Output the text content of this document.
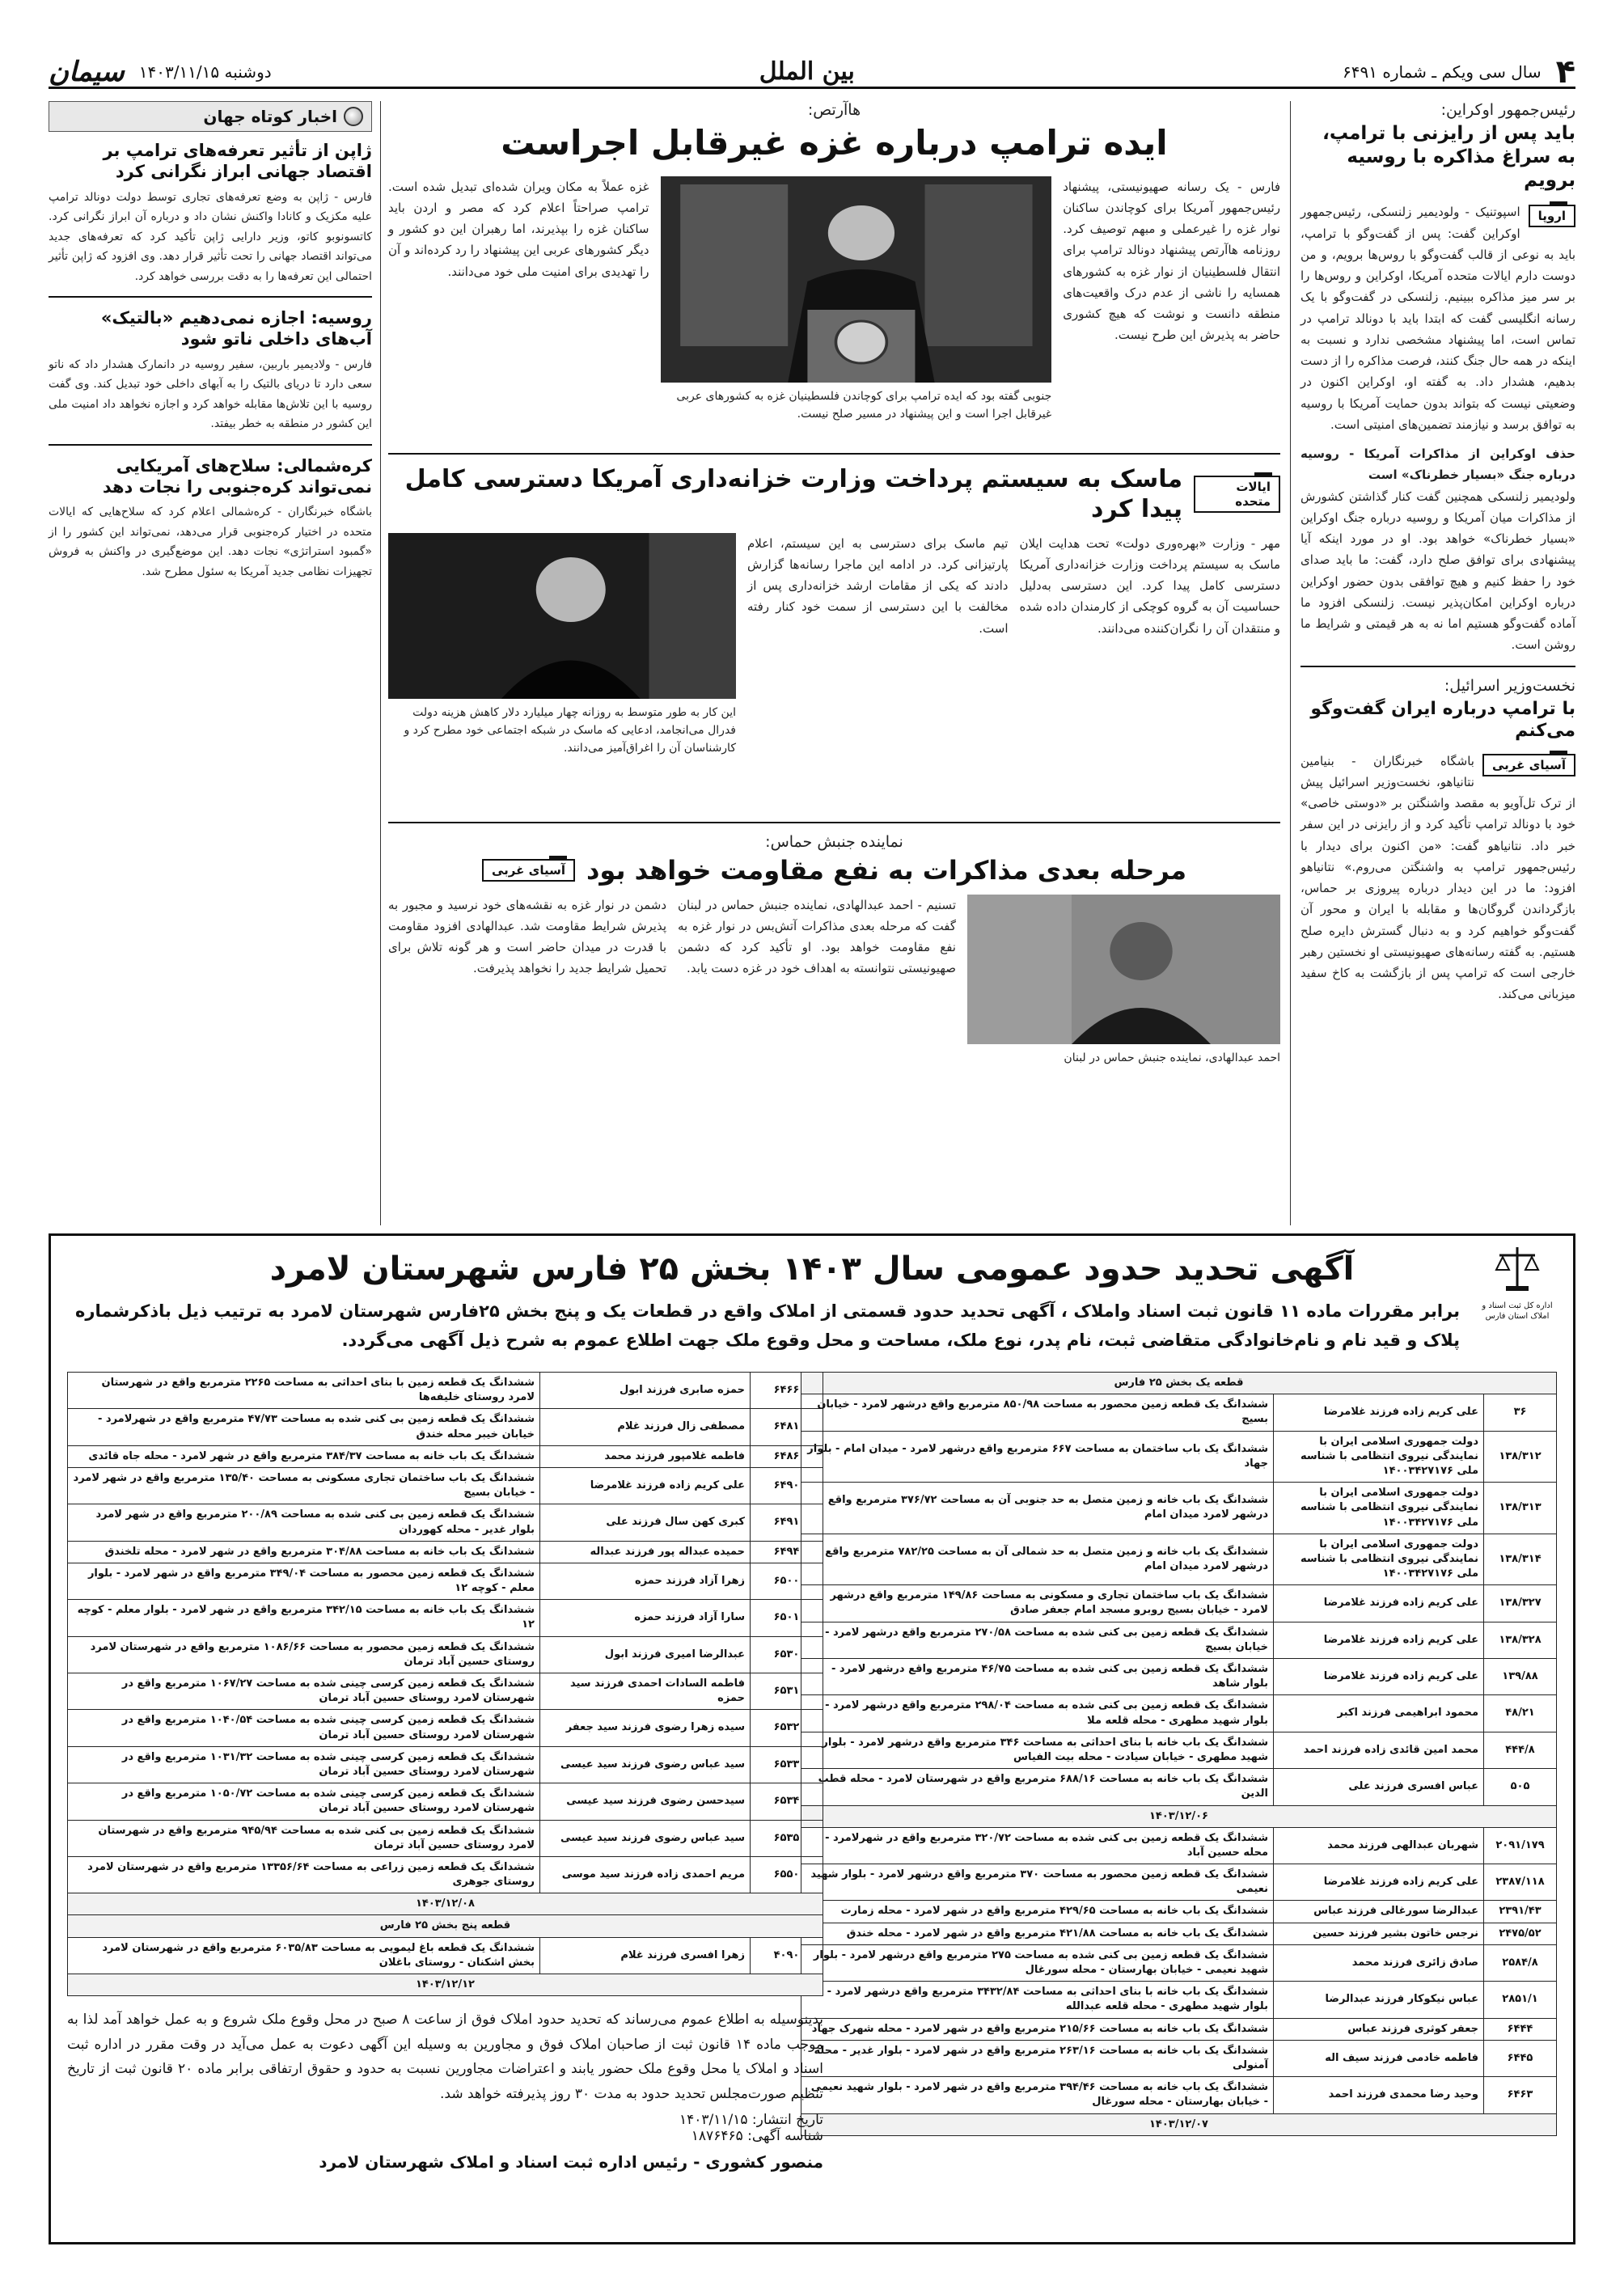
۴
سال سی ویکم ـ شماره ۶۴۹۱
بین الملل
دوشنبه ۱۴۰۳/۱۱/۱۵
سیمان
رئیس‌جمهور اوکراین:
باید پس از رایزنی با ترامپ، به سراغ مذاکره با روسیه برویم
اروپا

اسپوتنیک - ولودیمیر زلنسکی، رئیس‌جمهور اوکراین گفت: پس از گفت‌وگو با ترامپ، باید به نوعی از قالب گفت‌وگو با روس‌ها برویم، و من دوست دارم ایالات متحده آمریکا، اوکراین و روس‌ها را بر سر میز مذاکره ببینیم. زلنسکی در گفت‌وگو با یک رسانه انگلیسی گفت که ابتدا باید با دونالد ترامپ در تماس است، اما پیشنهاد مشخصی ندارد و نسبت به اینکه در همه حال جنگ کنند، فرصت مذاکره را از دست بدهیم، هشدار داد. به گفته او، اوکراین اکنون در وضعیتی نیست که بتواند بدون حمایت آمریکا با روسیه به توافق برسد و نیازمند تضمین‌های امنیتی است.

حذف اوکراین از مذاکرات آمریکا - روسیه درباره جنگ «بسیار خطرناک» است

ولودیمیر زلنسکی همچنین گفت کنار گذاشتن کشورش از مذاکرات میان آمریکا و روسیه درباره جنگ اوکراین «بسیار خطرناک» خواهد بود. او در مورد اینکه آیا پیشنهادی برای توافق صلح دارد، گفت: ما باید صدای خود را حفظ کنیم و هیچ توافقی بدون حضور اوکراین درباره اوکراین امکان‌پذیر نیست. زلنسکی افزود ما آماده گفت‌وگو هستیم اما نه به هر قیمتی و شرایط ما روشن است.

نخست‌وزیر اسرائیل:
با ترامپ درباره ایران گفت‌وگو می‌کنم
آسیای غربی

باشگاه خبرنگاران - بنیامین نتانیاهو، نخست‌وزیر اسرائیل پیش از ترک تل‌آویو به مقصد واشنگتن بر «دوستی خاصی» خود با دونالد ترامپ تأکید کرد و از رایزنی در این سفر خبر داد. نتانیاهو گفت: «من اکنون برای دیدار با رئیس‌جمهور ترامپ به واشنگتن می‌روم.» نتانیاهو افزود: ما در این دیدار درباره پیروزی بر حماس، بازگرداندن گروگان‌ها و مقابله با ایران و محور آن گفت‌وگو خواهیم کرد و به دنبال گسترش دایره صلح هستیم. به گفته رسانه‌های صهیونیستی او نخستین رهبر خارجی است که ترامپ پس از بازگشت به کاخ سفید میزبانی می‌کند.

هاآرتص:
ایده ترامپ درباره غزه غیرقابل اجراست

فارس - یک رسانه صهیونیستی، پیشنهاد رئیس‌جمهور آمریکا برای کوچاندن ساکنان نوار غزه را غیرعملی و مبهم توصیف کرد. روزنامه هاآرتص پیشنهاد دونالد ترامپ برای انتقال فلسطینیان از نوار غزه به کشورهای همسایه را ناشی از عدم درک واقعیت‌های منطقه دانست و نوشت که هیچ کشوری حاضر به پذیرش این طرح نیست.

جنوبی گفته بود که ایده ترامپ برای کوچاندن فلسطینیان غزه به کشورهای عربی غیرقابل اجرا است و این پیشنهاد در مسیر صلح نیست.

غزه عملاً به مکان ویران شده‌ای تبدیل شده است. ترامپ صراحتاً اعلام کرد که مصر و اردن باید ساکنان غزه را بپذیرند، اما رهبران این دو کشور و دیگر کشورهای عربی این پیشنهاد را رد کرده‌اند و آن را تهدیدی برای امنیت ملی خود می‌دانند.

ایالات متحده
ماسک به سیستم پرداخت وزارت خزانه‌داری آمریکا دسترسی کامل پیدا کرد

مهر - وزارت «بهره‌وری دولت» تحت هدایت ایلان ماسک به سیستم پرداخت وزارت خزانه‌داری آمریکا دسترسی کامل پیدا کرد. این دسترسی به‌دلیل حساسیت آن به گروه کوچکی از کارمندان داده شده و منتقدان آن را نگران‌کننده می‌دانند.

تیم ماسک برای دسترسی به این سیستم، اعلام پارتیزانی کرد. در ادامه این ماجرا رسانه‌ها گزارش دادند که یکی از مقامات ارشد خزانه‌داری پس از مخالفت با این دسترسی از سمت خود کنار رفته است.

این کار به طور متوسط به روزانه چهار میلیارد دلار کاهش هزینه دولت فدرال می‌انجامد، ادعایی که ماسک در شبکه اجتماعی خود مطرح کرد و کارشناسان آن را اغراق‌آمیز می‌دانند.

نماینده جنبش حماس:
مرحله بعدی مذاکرات به نفع مقاومت خواهد بود
آسیای غربی

احمد عبدالهادی، نماینده جنبش حماس در لبنان

تسنیم - احمد عبدالهادی، نماینده جنبش حماس در لبنان گفت که مرحله بعدی مذاکرات آتش‌بس در نوار غزه به نفع مقاومت خواهد بود. او تأکید کرد که دشمن صهیونیستی نتوانسته به اهداف خود در غزه دست یابد.

دشمن در نوار غزه به نقشه‌های خود نرسید و مجبور به پذیرش شرایط مقاومت شد. عبدالهادی افزود مقاومت با قدرت در میدان حاضر است و هر گونه تلاش برای تحمیل شرایط جدید را نخواهد پذیرفت.

اخبار کوتاه جهان
ژاپن از تأثیر تعرفه‌های ترامپ بر اقتصاد جهانی ابراز نگرانی کرد

فارس - ژاپن به وضع تعرفه‌های تجاری توسط دولت دونالد ترامپ علیه مکزیک و کانادا واکنش نشان داد و درباره آن ابراز نگرانی کرد. کاتسونوبو کاتو، وزیر دارایی ژاپن تأکید کرد که تعرفه‌های جدید می‌تواند اقتصاد جهانی را تحت تأثیر قرار دهد. وی افزود که ژاپن تأثیر احتمالی این تعرفه‌ها را به دقت بررسی خواهد کرد.

روسیه: اجازه نمی‌دهیم «بالتیک» آب‌های داخلی ناتو شود

فارس - ولادیمیر باربین، سفیر روسیه در دانمارک هشدار داد که ناتو سعی دارد تا دریای بالتیک را به آبهای داخلی خود تبدیل کند. وی گفت روسیه با این تلاش‌ها مقابله خواهد کرد و اجازه نخواهد داد امنیت ملی این کشور در منطقه به خطر بیفتد.

کره‌شمالی: سلاح‌های آمریکایی نمی‌تواند کره‌جنوبی را نجات دهد

باشگاه خبرنگاران - کره‌شمالی اعلام کرد که سلاح‌هایی که ایالات متحده در اختیار کره‌جنوبی قرار می‌دهد، نمی‌تواند این کشور را از «گمبود استراتژی» نجات دهد. این موضع‌گیری در واکنش به فروش تجهیزات نظامی جدید آمریکا به سئول مطرح شد.

اداره کل ثبت اسناد و املاک استان فارس
آگهی تحدید حدود عمومی سال ۱۴۰۳ بخش ۲۵ فارس شهرستان لامرد
برابر مقررات ماده ۱۱ قانون ثبت اسناد واملاک ، آگهی تحدید حدود قسمتی از املاک واقع در قطعات یک و پنج بخش ۲۵فارس شهرستان لامرد به ترتیب ذیل باذکرشماره پلاک و قید نام و نام‌خانوادگی متقاضی ثبت، نام پدر، نوع ملک، مساحت و محل وقوع ملک جهت اطلاع عموم به شرح ذیل آگهی می‌گردد.
قطعه یک بخش ۲۵ فارس		
۳۶	علی کریم زاده فرزند غلامرضا	ششدانگ یک قطعه زمین محصور به مساحت ۸۵۰/۹۸ مترمربع واقع درشهر لامرد - خیابان بسیج
۱۳۸/۳۱۲	دولت جمهوری اسلامی ایران با نمایندگی نیروی انتظامی با شناسه ملی ۱۴۰۰۳۴۲۷۱۷۶	ششدانگ یک باب ساختمان به مساحت ۶۶۷ مترمربع واقع درشهر لامرد - میدان امام - بلوار جهاد
۱۳۸/۳۱۳	دولت جمهوری اسلامی ایران با نمایندگی نیروی انتظامی با شناسه ملی ۱۴۰۰۳۴۲۷۱۷۶	ششدانگ یک باب خانه و زمین متصل به حد جنوبی آن به مساحت ۳۷۶/۷۲ مترمربع واقع درشهر لامرد میدان امام
۱۳۸/۳۱۴	دولت جمهوری اسلامی ایران با نمایندگی نیروی انتظامی با شناسه ملی ۱۴۰۰۳۴۲۷۱۷۶	ششدانگ یک باب خانه و زمین متصل به حد شمالی آن به مساحت ۷۸۲/۲۵ مترمربع واقع درشهر لامرد میدان امام
۱۳۸/۳۲۷	علی کریم زاده فرزند غلامرضا	ششدانگ یک باب ساختمان تجاری و مسکونی به مساحت ۱۴۹/۸۶ مترمربع واقع درشهر لامرد - خیابان بسیج روبرو مسجد امام جعفر صادق
۱۳۸/۳۲۸	علی کریم زاده فرزند غلامرضا	ششدانگ یک قطعه زمین بی کنی شده به مساحت ۲۷۰/۵۸ مترمربع واقع درشهر لامرد - خیابان بسیج
۱۳۹/۸۸	علی کریم زاده فرزند غلامرضا	ششدانگ یک قطعه زمین بی کنی شده به مساحت ۴۶/۷۵ مترمربع واقع درشهر لامرد - بلوار شاهد
۴۸/۲۱	محمود ابراهیمی فرزند اکبر	ششدانگ یک قطعه زمین بی کنی شده به مساحت ۲۹۸/۰۴ مترمربع واقع درشهر لامرد - بلوار شهید مطهری - محله قلعه ملا
۴۴۴/۸	محمد امین قائدی زاده فرزند احمد	ششدانگ یک باب خانه با بنای احداثی به مساحت ۳۴۶ مترمربع واقع درشهر لامرد - بلوار شهید مطهری - خیابان سیادت - محله بیت الفیاس
۵۰۵	عباس افسری فرزند علی	ششدانگ یک باب خانه به مساحت ۶۸۸/۱۶ مترمربع واقع در شهرستان لامرد - محله قطب الدین
۱۴۰۳/۱۲/۰۶		
۲۰۹۱/۱۷۹	شهربان عبدالهی فرزند محمد	ششدانگ یک قطعه زمین بی کنی شده به مساحت ۳۲۰/۷۲ مترمربع واقع در شهرلامرد - محله حسین آباد
۲۳۸۷/۱۱۸	علی کریم زاده فرزند غلامرضا	ششدانگ یک قطعه زمین محصور به مساحت ۳۷۰ مترمربع واقع درشهر لامرد - بلوار شهید نعیمی
۲۳۹۱/۴۳	عبدالرضا سورغالی فرزند عباس	ششدانگ یک باب خانه به مساحت ۴۲۹/۶۵ مترمربع واقع در شهر لامرد - محله زمارت
۲۴۷۵/۵۲	نرجس خاتون بشیر فرزند حسین	ششدانگ یک باب خانه به مساحت ۴۲۱/۸۸ مترمربع واقع در شهر لامرد - محله خندق
۲۵۸۴/۸	صادق زائری فرزند محمد	ششدانگ یک قطعه زمین بی کنی شده به مساحت ۲۷۵ مترمربع واقع درشهر لامرد - بلوار شهید نعیمی - خیابان بهارستان - محله سورغال
۲۸۵۱/۱	عباس نیکوکار فرزند عبدالرضا	ششدانگ یک باب خانه با بنای احداثی به مساحت ۳۴۳۲/۸۴ مترمربع واقع درشهر لامرد - بلوار شهید مطهری - محله قلعه عبدالله
۶۴۴۴	جعفر کوثری فرزند عباس	ششدانگ یک باب خانه به مساحت ۲۱۵/۶۶ مترمربع واقع در شهر لامرد - محله شهرک جهاد
۶۴۴۵	فاطمه خادمی فرزند سیف اله	ششدانگ یک باب خانه به مساحت ۲۶۳/۱۶ مترمربع واقع در شهر لامرد - بلوار غدیر - محله آمنولی
۶۴۶۳	وحید رضا محمدی فرزند احمد	ششدانگ یک باب خانه به مساحت ۳۹۴/۴۶ مترمربع واقع در شهر لامرد - بلوار شهید نعیمی - خیابان بهارستان - محله سورغال
۱۴۰۳/۱۲/۰۷		
۶۴۶۶	حمزه صابری فرزند ابول	ششدانگ یک قطعه زمین با بنای احداثی به مساحت ۲۲۶۵ مترمربع واقع در شهرستان لامرد روستای خلیفه‌ها
۶۴۸۱	مصطفی زال فرزند غلام	ششدانگ یک قطعه زمین بی کنی شده به مساحت ۴۷/۷۳ مترمربع واقع در شهرلامرد - خیابان خیبر محله خندق
۶۴۸۶	فاطمه غلامپور فرزند محمد	ششدانگ یک باب خانه به مساحت ۳۸۴/۳۷ مترمربع واقع در شهر لامرد - محله جاه قائدی
۶۴۹۰	علی کریم زاده فرزند غلامرضا	ششدانگ یک باب ساختمان تجاری مسکونی به مساحت ۱۳۵/۴۰ مترمربع واقع در شهر لامرد - خیابان بسیج
۶۴۹۱	کبری کهن سال فرزند علی	ششدانگ یک قطعه زمین بی کنی شده به مساحت ۲۰۰/۸۹ مترمربع واقع در شهر لامرد بلوار غدیر - محله کهوردان
۶۴۹۴	حمیده عبداله پور فرزند عبداله	ششدانگ یک باب خانه به مساحت ۳۰۴/۸۸ مترمربع واقع در شهر لامرد - محله تلخندق
۶۵۰۰	زهرا آزاد فرزند حمزه	ششدانگ یک قطعه زمین محصور به مساحت ۳۴۹/۰۴ مترمربع واقع در شهر لامرد - بلوار معلم - کوچه ۱۲
۶۵۰۱	سارا آزاد فرزند حمزه	ششدانگ یک باب خانه به مساحت ۳۴۲/۱۵ مترمربع واقع در شهر لامرد - بلوار معلم - کوچه ۱۲
۶۵۳۰	عبدالرضا امیری فرزند ابول	ششدانگ یک قطعه زمین محصور به مساحت ۱۰۸۶/۶۶ مترمربع واقع در شهرستان لامرد روستای حسین آباد ترمان
۶۵۳۱	فاطمه السادات احمدی فرزند سید حمزه	ششدانگ یک قطعه زمین کرسی چینی شده به مساحت ۱۰۶۷/۲۷ مترمربع واقع در شهرستان لامرد روستای حسین آباد ترمان
۶۵۳۲	سیده زهرا رضوی فرزند سید جعفر	ششدانگ یک قطعه زمین کرسی چینی شده به مساحت ۱۰۴۰/۵۴ مترمربع واقع در شهرستان لامرد روستای حسین آباد ترمان
۶۵۳۳	سید عباس رضوی فرزند سید عیسی	ششدانگ یک قطعه زمین کرسی چینی شده به مساحت ۱۰۳۱/۳۲ مترمربع واقع در شهرستان لامرد روستای حسین آباد ترمان
۶۵۳۴	سیدحسن رضوی فرزند سید عیسی	ششدانگ یک قطعه زمین کرسی چینی شده به مساحت ۱۰۵۰/۷۲ مترمربع واقع در شهرستان لامرد روستای حسین آباد ترمان
۶۵۳۵	سید عباس رضوی فرزند سید عیسی	ششدانگ یک قطعه زمین بی کنی شده به مساحت ۹۴۵/۹۴ مترمربع واقع در شهرستان لامرد روستای حسین آباد ترمان
۶۵۵۰	مریم احمدی زاده فرزند سید موسی	ششدانگ یک قطعه زمین زراعی به مساحت ۱۳۳۵۶/۶۴ مترمربع واقع در شهرستان لامرد روستای جوهری
۱۴۰۳/۱۲/۰۸		
قطعه پنج بخش ۲۵ فارس		
۴۰۹۰	زهرا افسری فرزند غلام	ششدانگ یک قطعه باغ لیمویی به مساحت ۶۰۳۵/۸۳ مترمربع واقع در شهرستان لامرد بخش اشکنان - روستای باغلان
۱۴۰۳/۱۲/۱۲		

بدینوسیله به اطلاع عموم می‌رساند که تحدید حدود املاک فوق از ساعت ۸ صبح در محل وقوع ملک شروع و به عمل خواهد آمد لذا به موجب ماده ۱۴ قانون ثبت از صاحبان املاک فوق و مجاورین به وسیله این آگهی دعوت به عمل می‌آید در وقت مقرر در اداره ثبت اسناد و املاک یا محل وقوع ملک حضور یابند و اعتراضات مجاورین نسبت به حدود و حقوق ارتفاقی برابر ماده ۲۰ قانون ثبت از تاریخ تنظیم صورت‌مجلس تحدید حدود به مدت ۳۰ روز پذیرفته خواهد شد.

تاریخ انتشار: ۱۴۰۳/۱۱/۱۵
شناسه آگهی: ۱۸۷۶۴۶۵
منصور کشوری - رئیس اداره ثبت اسناد و املاک شهرستان لامرد
